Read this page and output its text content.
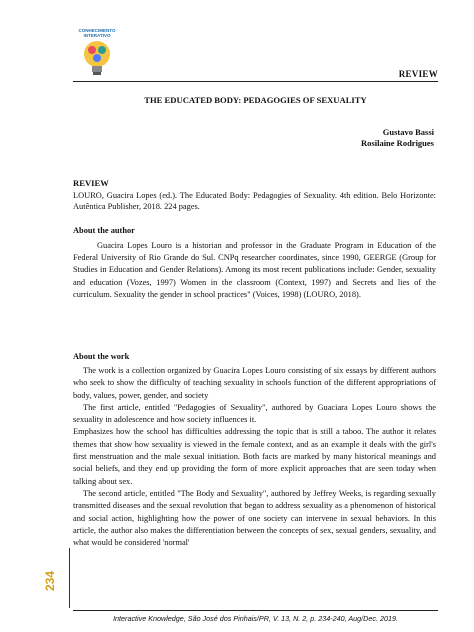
CONHECIMENTO INTERATIVO
REVIEW
THE EDUCATED BODY: PEDAGOGIES OF SEXUALITY
Gustavo Bassi
Rosilaine Rodrigues
REVIEW
LOURO, Guacira Lopes (ed.). The Educated Body: Pedagogies of Sexuality. 4th edition. Belo Horizonte: Autêntica Publisher, 2018. 224 pages.
About the author

Guacira Lopes Louro is a historian and professor in the Graduate Program in Education of the Federal University of Rio Grande do Sul. CNPq researcher coordinates, since 1990, GEERGE (Group for Studies in Education and Gender Relations). Among its most recent publications include: Gender, sexuality and education (Vozes, 1997) Women in the classroom (Context, 1997) and Secrets and lies of the curriculum. Sexuality the gender in school practices" (Voices, 1998) (LOURO, 2018).

About the work

The work is a collection organized by Guacira Lopes Louro consisting of six essays by different authors who seek to show the difficulty of teaching sexuality in schools function of the different appropriations of body, values, power, gender, and society

The first article, entitled "Pedagogies of Sexuality", authored by Guaciara Lopes Louro shows the sexuality in adolescence and how society influences it.

Emphasizes how the school has difficulties addressing the topic that is still a taboo. The author it relates themes that show how sexuality is viewed in the female context, and as an example it deals with the girl's first menstruation and the male sexual initiation. Both facts are marked by many historical meanings and social beliefs, and they end up providing the form of more explicit approaches that are seen today when talking about sex.

The second article, entitled "The Body and Sexuality", authored by Jeffrey Weeks, is regarding sexually transmitted diseases and the sexual revolution that began to address sexuality as a phenomenon of historical and social action, highlighting how the power of one society can intervene in sexual behaviors. In this article, the author also makes the differentiation between the concepts of sex, sexual genders, sexuality, and what would be considered 'normal'

234
Interactive Knowledge, São José dos Pinhais/PR, V. 13, N. 2, p. 234-240, Aug/Dec. 2019.
